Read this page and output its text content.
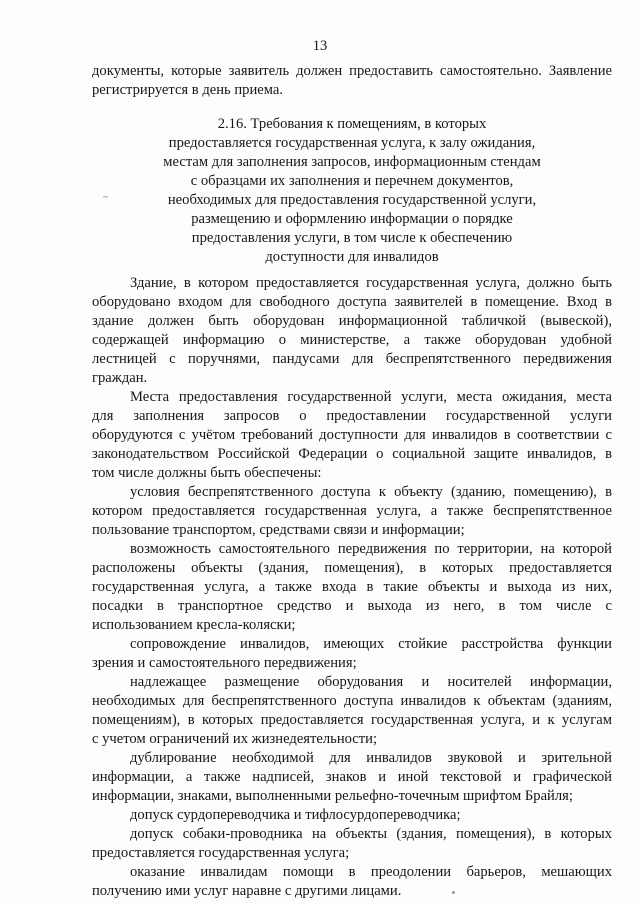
13
документы, которые заявитель должен предоставить самостоятельно. Заявление
регистрируется в день приема.
2.16. Требования к помещениям, в которых
предоставляется государственная услуга, к залу ожидания,
местам для заполнения запросов, информационным стендам
с образцами их заполнения и перечнем документов,
необходимых для предоставления государственной услуги,
размещению и оформлению информации о порядке
предоставления услуги, в том числе к обеспечению
доступности для инвалидов
~
Здание, в котором предоставляется государственная услуга, должно быть
оборудовано входом для свободного доступа заявителей в помещение. Вход в
здание должен быть оборудован информационной табличкой (вывеской),
содержащей информацию о министерстве, а также оборудован удобной
лестницей с поручнями, пандусами для беспрепятственного передвижения
граждан.
Места предоставления государственной услуги, места ожидания, места
для заполнения запросов о предоставлении государственной услуги
оборудуются с учётом требований доступности для инвалидов в соответствии с
законодательством Российской Федерации о социальной защите инвалидов, в
том числе должны быть обеспечены:
условия беспрепятственного доступа к объекту (зданию, помещению), в
котором предоставляется государственная услуга, а также беспрепятственное
пользование транспортом, средствами связи и информации;
возможность самостоятельного передвижения по территории, на которой
расположены объекты (здания, помещения), в которых предоставляется
государственная услуга, а также входа в такие объекты и выхода из них,
посадки в транспортное средство и выхода из него, в том числе с
использованием кресла-коляски;
сопровождение инвалидов, имеющих стойкие расстройства функции
зрения и самостоятельного передвижения;
надлежащее размещение оборудования и носителей информации,
необходимых для беспрепятственного доступа инвалидов к объектам (зданиям,
помещениям), в которых предоставляется государственная услуга, и к услугам
с учетом ограничений их жизнедеятельности;
дублирование необходимой для инвалидов звуковой и зрительной
информации, а также надписей, знаков и иной текстовой и графической
информации, знаками, выполненными рельефно-точечным шрифтом Брайля;
допуск сурдопереводчика и тифлосурдопереводчика;
допуск собаки-проводника на объекты (здания, помещения), в которых
предоставляется государственная услуга;
оказание инвалидам помощи в преодолении барьеров, мешающих
получению ими услуг наравне с другими лицами.
